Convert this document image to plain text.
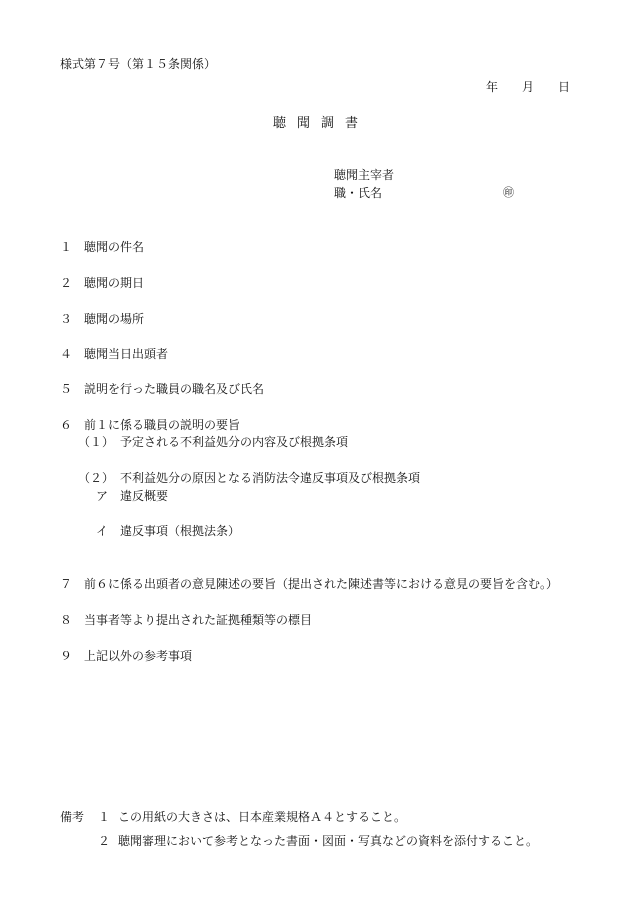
様式第７号（第１５条関係）
年 月 日
聴聞調書
聴聞主宰者
職・氏名	㊞
１ 聴聞の件名
２ 聴聞の期日
３ 聴聞の場所
４ 聴聞当日出頭者
５ 説明を行った職員の職名及び氏名
６ 前１に係る職員の説明の要旨
（１） 予定される不利益処分の内容及び根拠条項
（２） 不利益処分の原因となる消防法令違反事項及び根拠条項
ア 違反概要
イ 違反事項（根拠法条）
７ 前６に係る出頭者の意見陳述の要旨（提出された陳述書等における意見の要旨を含む。）
８ 当事者等より提出された証拠種類等の標目
９ 上記以外の参考事項
備考 １ この用紙の大きさは、日本産業規格Ａ４とすること。
２ 聴聞審理において参考となった書面・図面・写真などの資料を添付すること。
